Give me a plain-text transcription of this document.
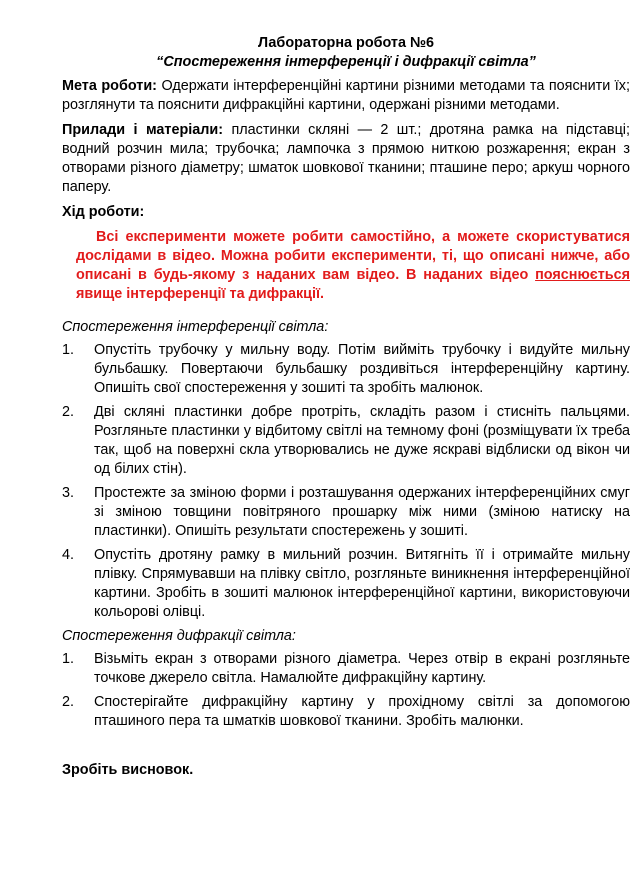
Лабораторна робота №6

“Спостереження інтерференції і дифракції світла”

Мета роботи: Одержати інтерференційні картини різними методами та пояснити їх; розглянути та пояснити дифракційні картини, одержані різними методами.

Прилади і матеріали: пластинки скляні — 2 шт.; дротяна рамка на підставці; водний розчин мила; трубочка; лампочка з прямою ниткою розжарення; екран з отворами різного діаметру; шматок шовкової тканини; пташине перо; аркуш чорного паперу.

Хід роботи:

Всі експерименти можете робити самостійно, а можете скористуватися дослідами в відео. Можна робити експерименти, ті, що описані нижче, або описані в будь-якому з наданих вам відео. В наданих відео пояснюється явище інтерференції та дифракції.

Спостереження інтерференції світла:

1. Опустіть трубочку у мильну воду. Потім вийміть трубочку і видуйте мильну бульбашку. Повертаючи бульбашку роздивіться інтерференційну картину. Опишіть свої спостереження у зошиті та зробіть малюнок.
2. Дві скляні пластинки добре протріть, складіть разом і стисніть пальцями. Розгляньте пластинки у відбитому світлі на темному фоні (розміщувати їх треба так, щоб на поверхні скла утворювались не дуже яскраві відблиски од вікон чи од білих стін).
3. Простежте за зміною форми і розташування одержаних інтерференційних смуг зі зміною товщини повітряного прошарку між ними (зміною натиску на пластинки). Опишіть результати спостережень у зошиті.
4. Опустіть дротяну рамку в мильний розчин. Витягніть її і отримайте мильну плівку. Спрямувавши на плівку світло, розгляньте виникнення інтерференційної картини. Зробіть в зошиті малюнок інтерференційної картини, використовуючи кольорові олівці.

Спостереження дифракції світла:

1. Візьміть екран з отворами різного діаметра. Через отвір в екрані розгляньте точкове джерело світла. Намалюйте дифракційну картину.
2. Спостерігайте дифракційну картину у прохідному світлі за допомогою пташиного пера та шматків шовкової тканини. Зробіть малюнки.

Зробіть висновок.
